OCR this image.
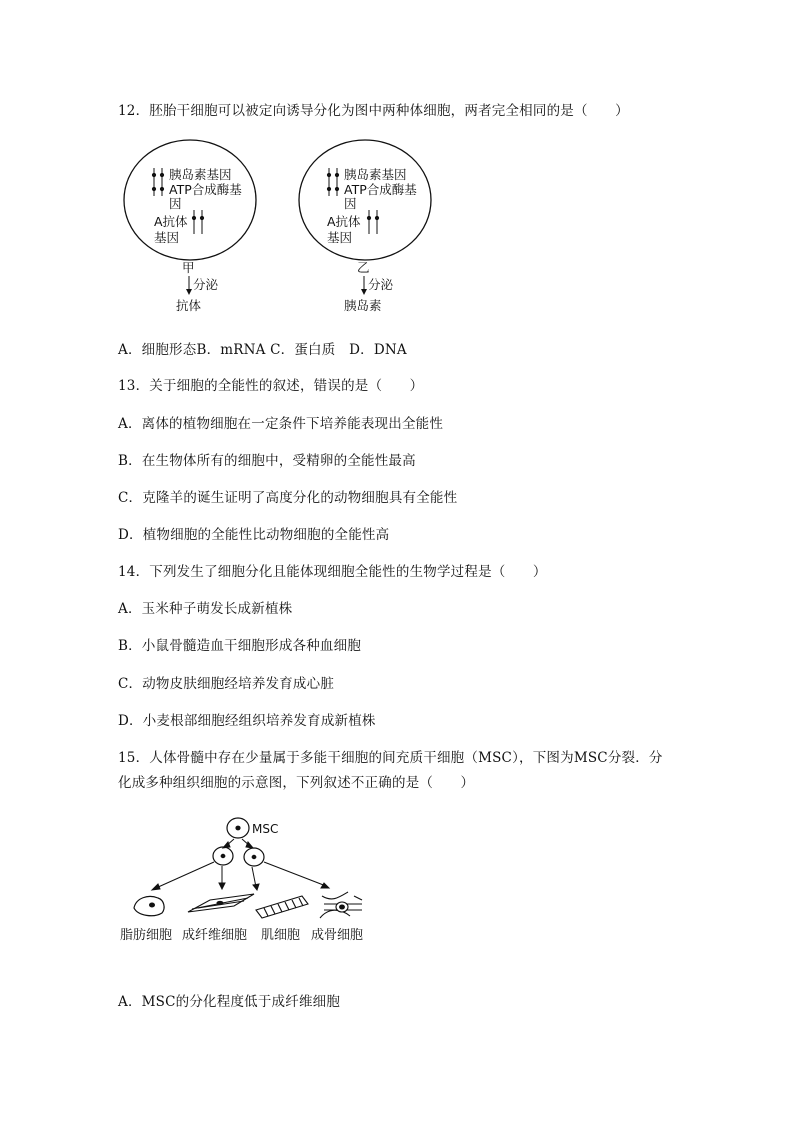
12．胚胎干细胞可以被定向诱导分化为图中两种体细胞，两者完全相同的是（　　）
胰岛素基因
ATP合成酶基
因
A抗体
基因
甲
分泌
抗体
胰岛素基因
ATP合成酶基
因
A抗体
基因
乙
分泌
胰岛素
A．细胞形态B．mRNA C．蛋白质　D．DNA
13．关于细胞的全能性的叙述，错误的是（　　）
A．离体的植物细胞在一定条件下培养能表现出全能性
B．在生物体所有的细胞中，受精卵的全能性最高
C．克隆羊的诞生证明了高度分化的动物细胞具有全能性
D．植物细胞的全能性比动物细胞的全能性高
14．下列发生了细胞分化且能体现细胞全能性的生物学过程是（　　）
A．玉米种子萌发长成新植株
B．小鼠骨髓造血干细胞形成各种血细胞
C．动物皮肤细胞经培养发育成心脏
D．小麦根部细胞经组织培养发育成新植株
15．人体骨髓中存在少量属于多能干细胞的间充质干细胞（MSC），下图为MSC分裂．分
化成多种组织细胞的示意图，下列叙述不正确的是（　　）
MSC
脂肪细胞 成纤维细胞 肌细胞 成骨细胞
A．MSC的分化程度低于成纤维细胞
